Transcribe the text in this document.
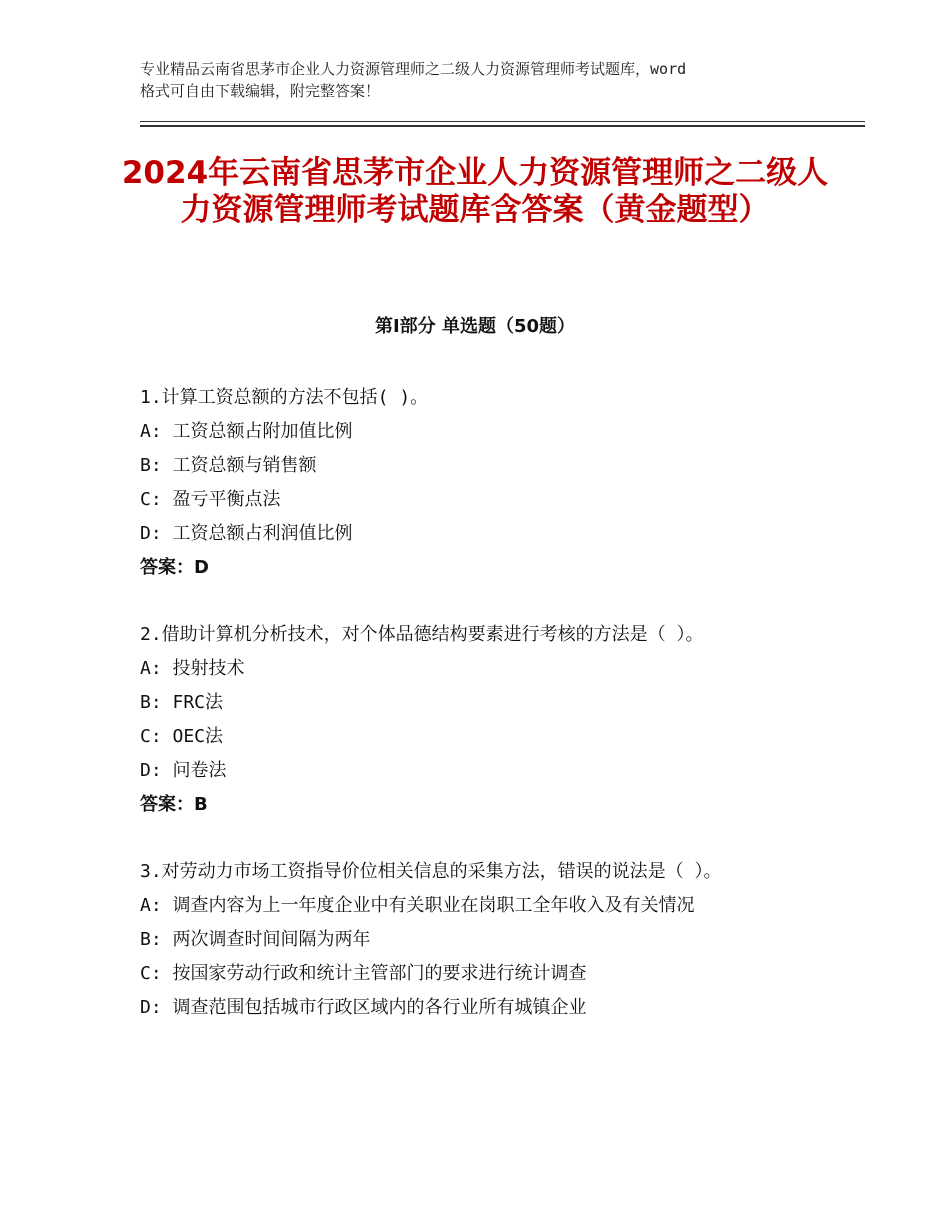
专业精品云南省思茅市企业人力资源管理师之二级人力资源管理师考试题库，word
格式可自由下载编辑，附完整答案！
2024年云南省思茅市企业人力资源管理师之二级人力资源管理师考试题库含答案（黄金题型）
第Ⅰ部分 单选题（50题）
1.计算工资总额的方法不包括( )。
A: 工资总额占附加值比例
B: 工资总额与销售额
C: 盈亏平衡点法
D: 工资总额占利润值比例
答案：D
2.借助计算机分析技术，对个体品德结构要素进行考核的方法是（ ）。
A: 投射技术
B: FRC法
C: OEC法
D: 问卷法
答案：B
3.对劳动力市场工资指导价位相关信息的采集方法，错误的说法是（ ）。
A: 调查内容为上一年度企业中有关职业在岗职工全年收入及有关情况
B: 两次调查时间间隔为两年
C: 按国家劳动行政和统计主管部门的要求进行统计调查
D: 调查范围包括城市行政区域内的各行业所有城镇企业
